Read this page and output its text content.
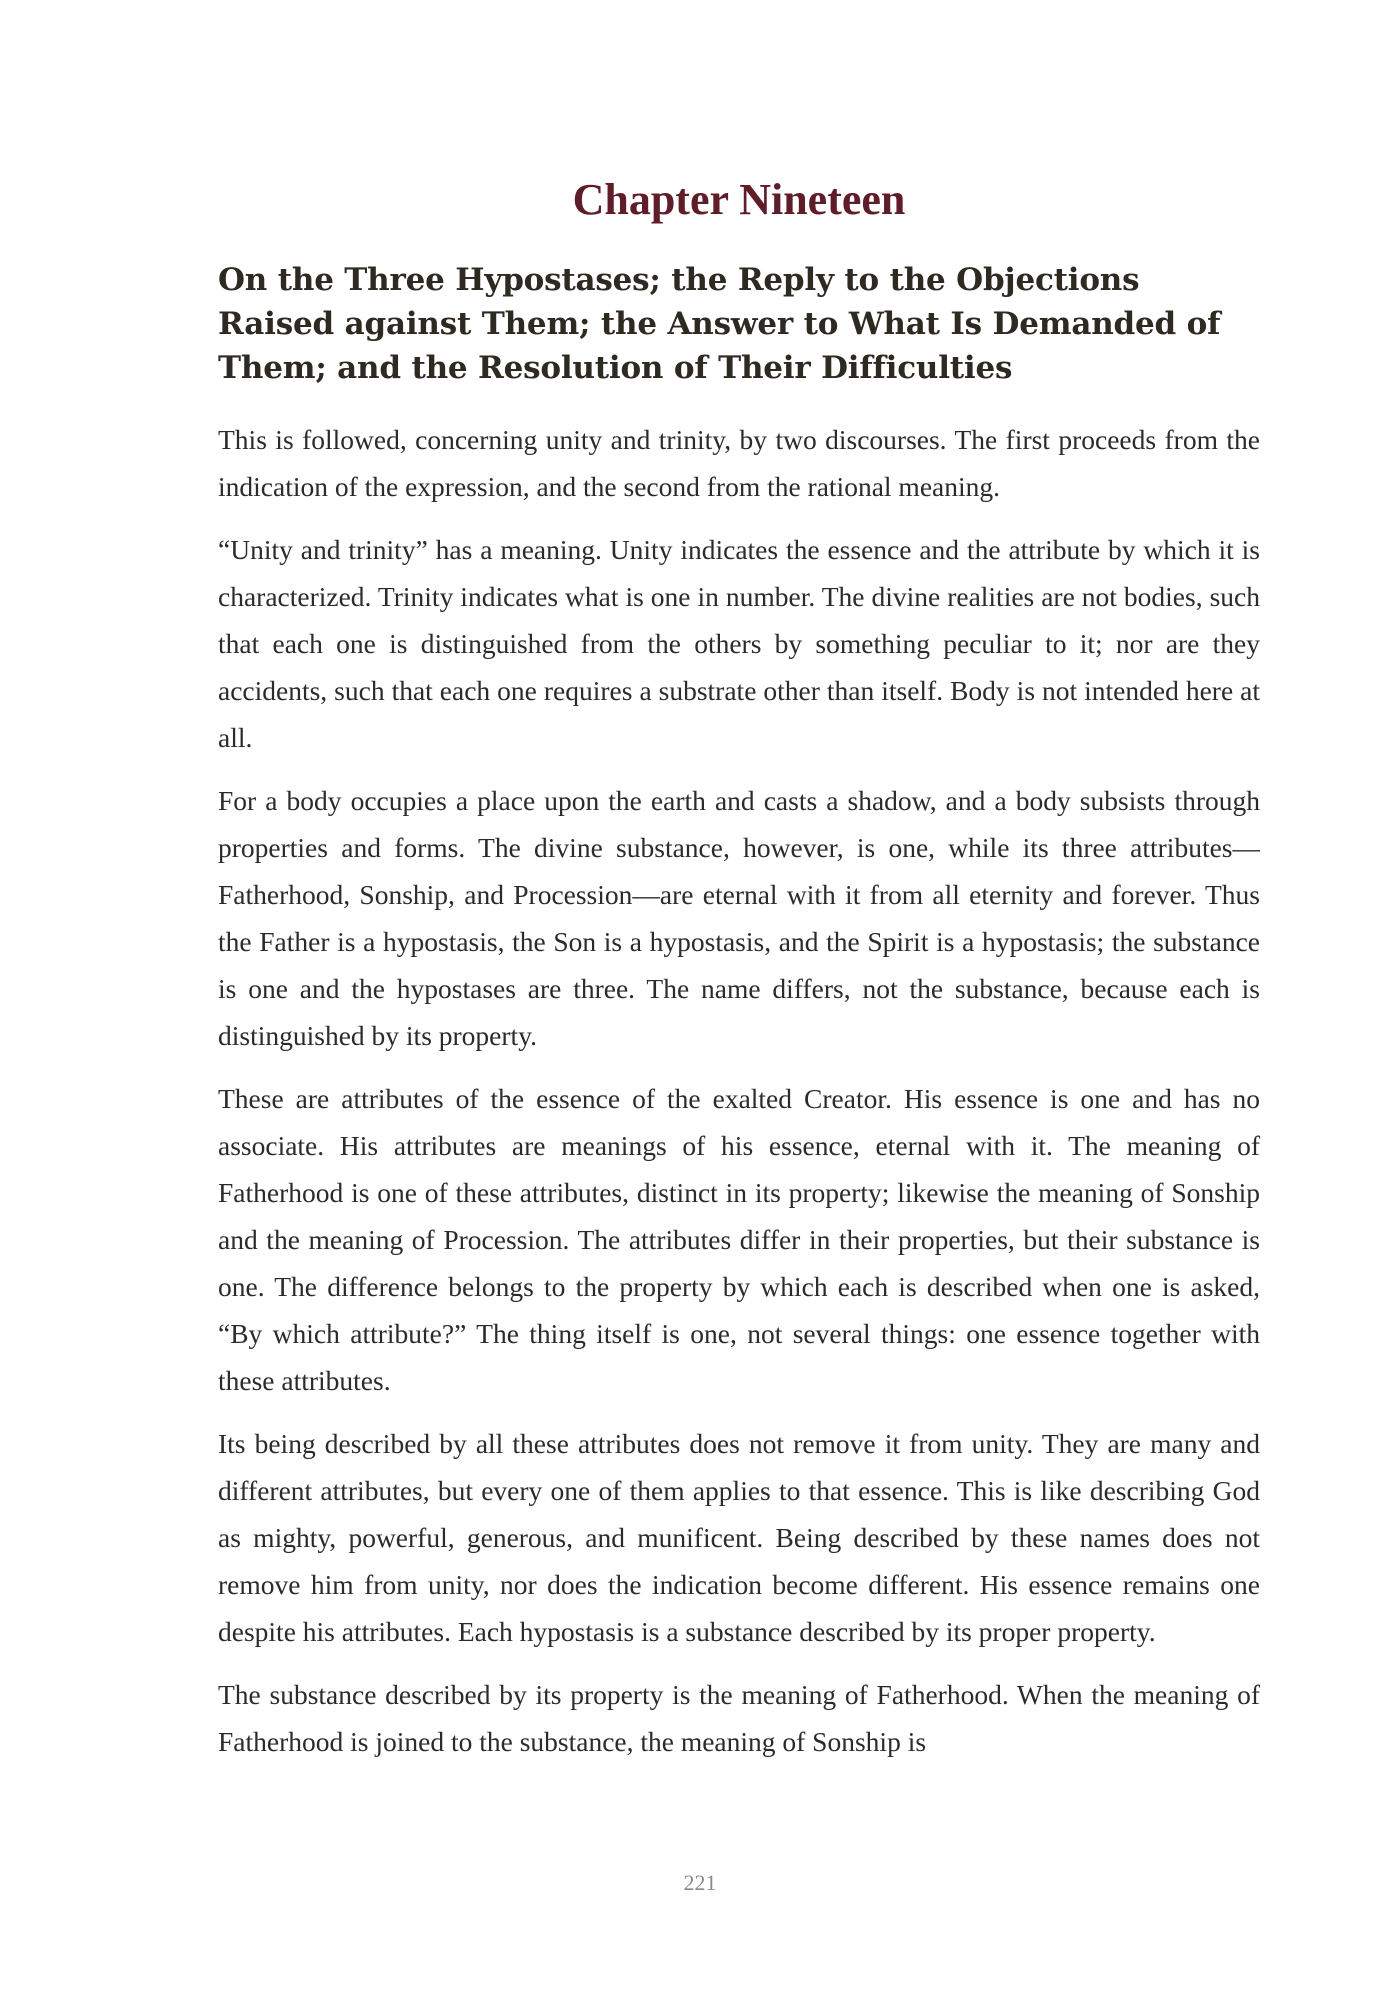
Chapter Nineteen
On the Three Hypostases; the Reply to the Objections Raised against Them; the Answer to What Is Demanded of Them; and the Resolution of Their Difficulties

This is followed, concerning unity and trinity, by two discourses. The first proceeds from the indication of the expression, and the second from the rational meaning.

“Unity and trinity” has a meaning. Unity indicates the essence and the attribute by which it is characterized. Trinity indicates what is one in number. The divine realities are not bodies, such that each one is distinguished from the others by something peculiar to it; nor are they accidents, such that each one requires a substrate other than itself. Body is not intended here at all.

For a body occupies a place upon the earth and casts a shadow, and a body subsists through properties and forms. The divine substance, however, is one, while its three attributes—Fatherhood, Sonship, and Procession—are eternal with it from all eternity and forever. Thus the Father is a hypostasis, the Son is a hypostasis, and the Spirit is a hypostasis; the substance is one and the hypostases are three. The name differs, not the substance, because each is distinguished by its property.

These are attributes of the essence of the exalted Creator. His essence is one and has no associate. His attributes are meanings of his essence, eternal with it. The meaning of Fatherhood is one of these attributes, distinct in its property; likewise the meaning of Sonship and the meaning of Procession. The attributes differ in their properties, but their substance is one. The difference belongs to the property by which each is described when one is asked, “By which attribute?” The thing itself is one, not several things: one essence together with these attributes.

Its being described by all these attributes does not remove it from unity. They are many and different attributes, but every one of them applies to that essence. This is like describing God as mighty, powerful, generous, and munificent. Being described by these names does not remove him from unity, nor does the indication become different. His essence remains one despite his attributes. Each hypostasis is a substance described by its proper property.

The substance described by its property is the meaning of Fatherhood. When the meaning of Fatherhood is joined to the substance, the meaning of Sonship is

221
